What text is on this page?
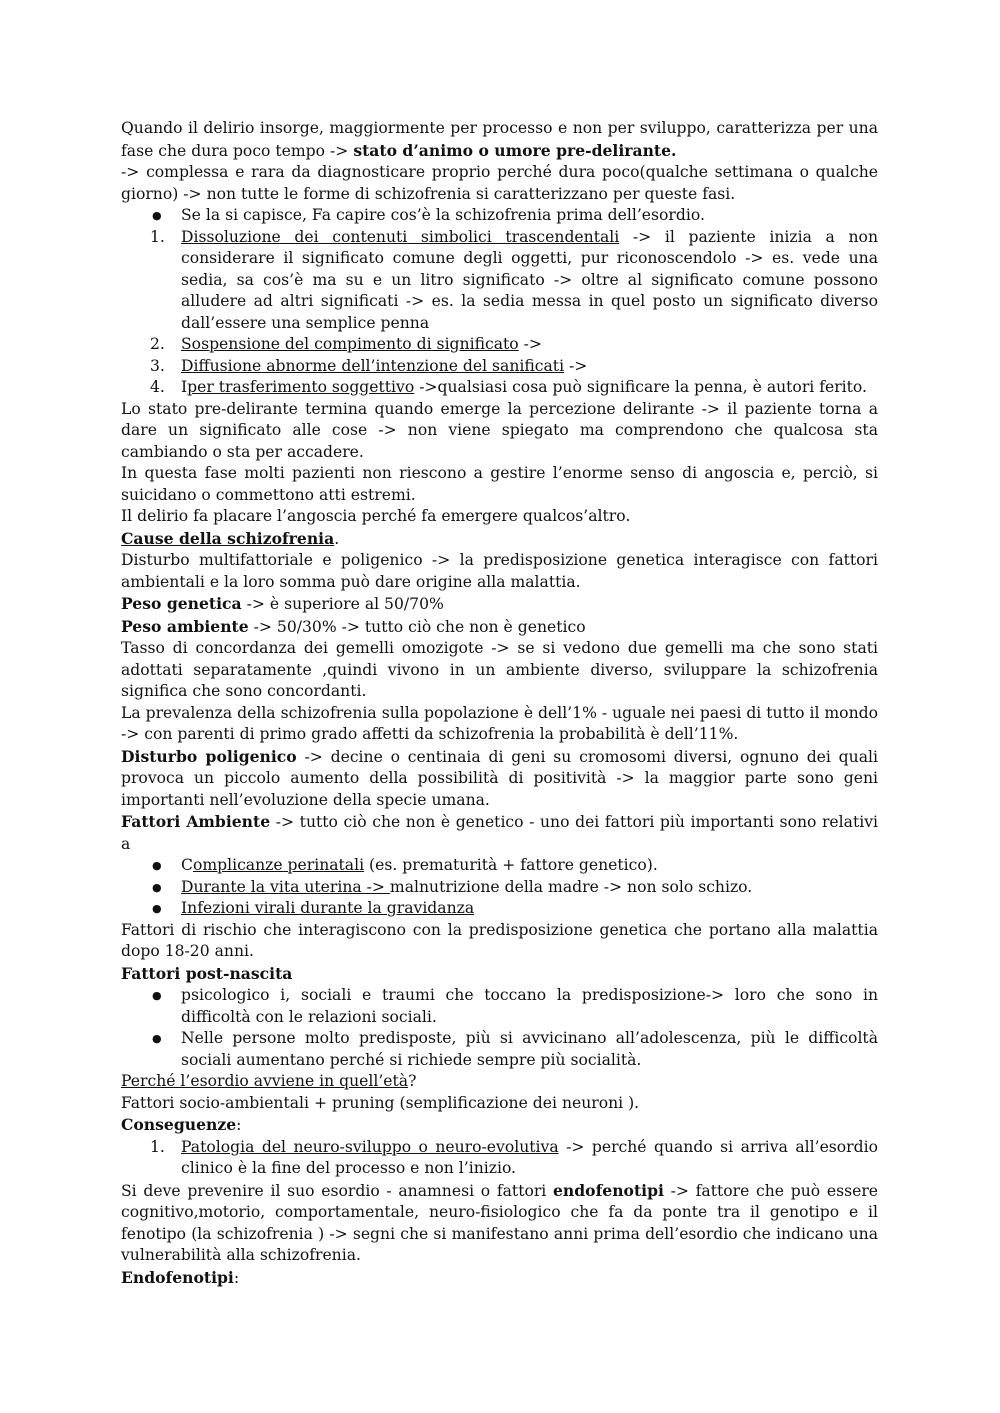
Quando il delirio insorge, maggiormente per processo e non per sviluppo, caratterizza per una fase che dura poco tempo -> stato d’animo o umore pre-delirante.

-> complessa e rara da diagnosticare proprio perché dura poco(qualche settimana o qualche giorno) -> non tutte le forme di schizofrenia si caratterizzano per queste fasi.

● Se la si capisce, Fa capire cos’è la schizofrenia prima dell’esordio.
1. Dissoluzione dei contenuti simbolici trascendentali -> il paziente inizia a non considerare il significato comune degli oggetti, pur riconoscendolo -> es. vede una sedia, sa cos’è ma su e un litro significato -> oltre al significato comune possono alludere ad altri significati -> es. la sedia messa in quel posto un significato diverso dall’essere una semplice penna
2. Sospensione del compimento di significato ->
3. Diffusione abnorme dell’intenzione del sanificati ->
4. Iper trasferimento soggettivo ->qualsiasi cosa può significare la penna, è autori ferito.

Lo stato pre-delirante termina quando emerge la percezione delirante -> il paziente torna a dare un significato alle cose -> non viene spiegato ma comprendono che qualcosa sta cambiando o sta per accadere.

In questa fase molti pazienti non riescono a gestire l’enorme senso di angoscia e, perciò, si suicidano o commettono atti estremi.

Il delirio fa placare l’angoscia perché fa emergere qualcos’altro.

Cause della schizofrenia.

Disturbo multifattoriale e poligenico -> la predisposizione genetica interagisce con fattori ambientali e la loro somma può dare origine alla malattia.

Peso genetica -> è superiore al 50/70%

Peso ambiente -> 50/30% -> tutto ciò che non è genetico

Tasso di concordanza dei gemelli omozigote -> se si vedono due gemelli ma che sono stati adottati separatamente ,quindi vivono in un ambiente diverso, sviluppare la schizofrenia significa che sono concordanti.

La prevalenza della schizofrenia sulla popolazione è dell’1% - uguale nei paesi di tutto il mondo -> con parenti di primo grado affetti da schizofrenia la probabilità è dell’11%.

Disturbo poligenico -> decine o centinaia di geni su cromosomi diversi, ognuno dei quali provoca un piccolo aumento della possibilità di positività -> la maggior parte sono geni importanti nell’evoluzione della specie umana.

Fattori Ambiente -> tutto ciò che non è genetico - uno dei fattori più importanti sono relativi a

● Complicanze perinatali (es. prematurità + fattore genetico).
● Durante la vita uterina -> malnutrizione della madre -> non solo schizo.
● Infezioni virali durante la gravidanza

Fattori di rischio che interagiscono con la predisposizione genetica che portano alla malattia dopo 18-20 anni.

Fattori post-nascita

● psicologico i, sociali e traumi che toccano la predisposizione-> loro che sono in difficoltà con le relazioni sociali.
● Nelle persone molto predisposte, più si avvicinano all’adolescenza, più le difficoltà sociali aumentano perché si richiede sempre più socialità.

Perché l’esordio avviene in quell’età?

Fattori socio-ambientali + pruning (semplificazione dei neuroni ).

Conseguenze:

1. Patologia del neuro-sviluppo o neuro-evolutiva -> perché quando si arriva all’esordio clinico è la fine del processo e non l’inizio.

Si deve prevenire il suo esordio - anamnesi o fattori endofenotipi -> fattore che può essere cognitivo,motorio, comportamentale, neuro-fisiologico che fa da ponte tra il genotipo e il fenotipo (la schizofrenia ) -> segni che si manifestano anni prima dell’esordio che indicano una vulnerabilità alla schizofrenia.

Endofenotipi:
